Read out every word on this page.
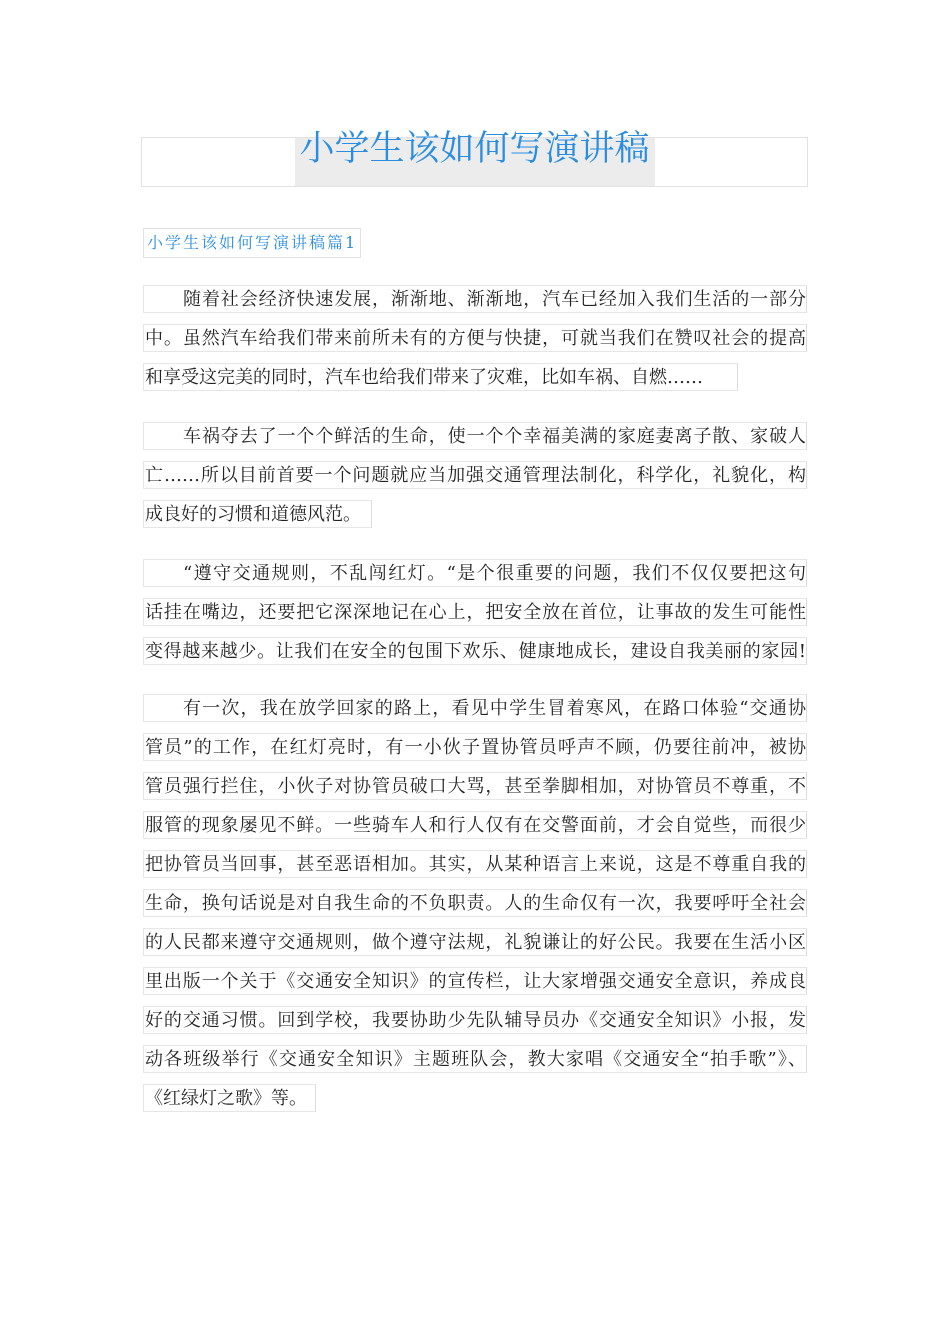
小学生该如何写演讲稿
小学生该如何写演讲稿篇1
随着社会经济快速发展，渐渐地、渐渐地，汽车已经加入我们生活的一部分
中。虽然汽车给我们带来前所未有的方便与快捷，可就当我们在赞叹社会的提高
和享受这完美的同时，汽车也给我们带来了灾难，比如车祸、自燃……
车祸夺去了一个个鲜活的生命，使一个个幸福美满的家庭妻离子散、家破人
亡……所以目前首要一个问题就应当加强交通管理法制化，科学化，礼貌化，构
成良好的习惯和道德风范。
“遵守交通规则，不乱闯红灯。“是个很重要的问题，我们不仅仅要把这句
话挂在嘴边，还要把它深深地记在心上，把安全放在首位，让事故的发生可能性
变得越来越少。让我们在安全的包围下欢乐、健康地成长，建设自我美丽的家园!
有一次，我在放学回家的路上，看见中学生冒着寒风，在路口体验“交通协
管员”的工作，在红灯亮时，有一小伙子置协管员呼声不顾，仍要往前冲，被协
管员强行拦住，小伙子对协管员破口大骂，甚至拳脚相加，对协管员不尊重，不
服管的现象屡见不鲜。一些骑车人和行人仅有在交警面前，才会自觉些，而很少
把协管员当回事，甚至恶语相加。其实，从某种语言上来说，这是不尊重自我的
生命，换句话说是对自我生命的不负职责。人的生命仅有一次，我要呼吁全社会
的人民都来遵守交通规则，做个遵守法规，礼貌谦让的好公民。我要在生活小区
里出版一个关于《交通安全知识》的宣传栏，让大家增强交通安全意识，养成良
好的交通习惯。回到学校，我要协助少先队辅导员办《交通安全知识》小报，发
动各班级举行《交通安全知识》主题班队会，教大家唱《交通安全“拍手歌”》、
《红绿灯之歌》等。
